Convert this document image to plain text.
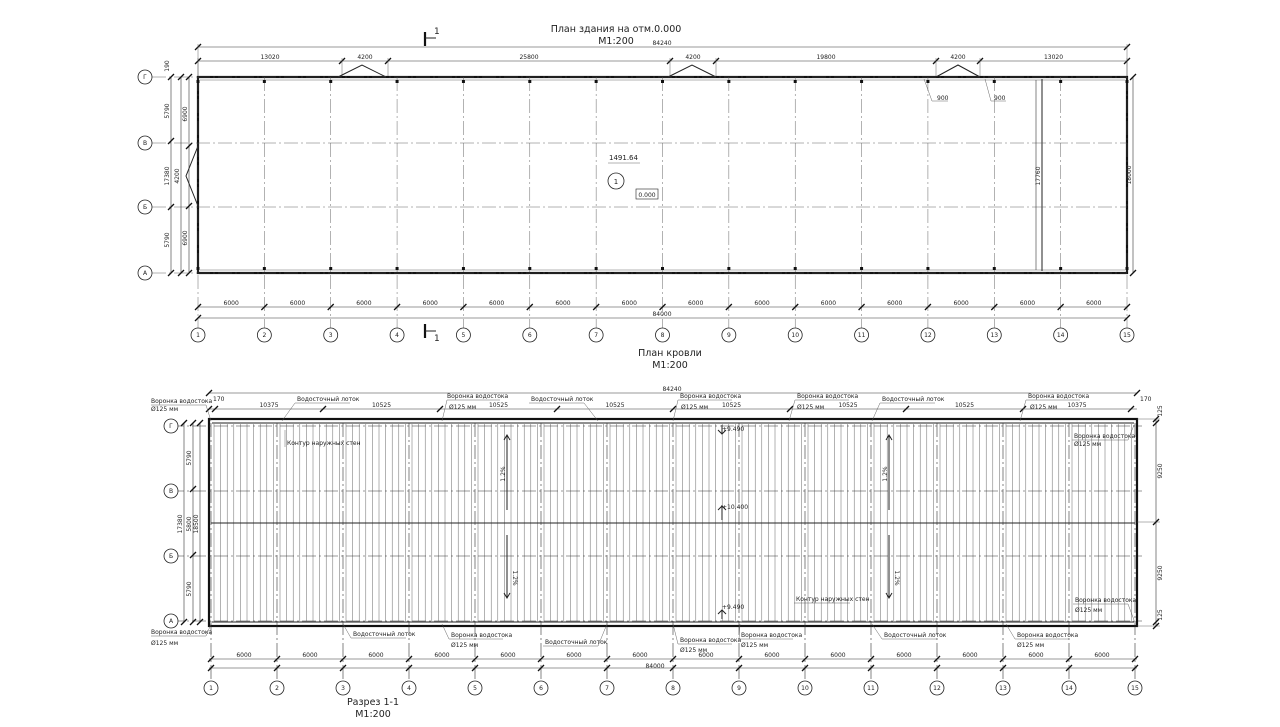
План здания на отм.0.000
М1:200
1
84240
13020	4200	25800	4200	19800	4200	13020
900	900
1491.64
1
0.000
17760	18000
5790
17380
5790
4200
6900
6900
190
Г
В
Б
А
6000	6000	6000	6000	6000	6000	6000	6000	6000	6000	6000	6000	6000	6000
84000
1	2	3	4	5	6	7	8	9	10	11	12	13	14	15
1
План кровли
М1:200
84240
170	170
10375	10525	10525	10525	10525	10525	10525	10375
+9.490
+10.400
+9.490
1.2%
1.2%
1.2%
1.2%
Воронка водостока
Ø125 мм
Водосточный лоток	Воронка водостока
Ø125 мм
Водосточный лоток	Воронка водостока
Ø125 мм
Воронка водостока
Ø125 мм
Водосточный лоток	Воронка водостока
Ø125 мм
Контур наружных стен
Воронка водостока
Ø125 мм
Воронка водостока
Ø125 мм
Водосточный лоток	Воронка водостока
Ø125 мм	Водосточный лоток	Воронка водостока
Ø125 мм
Воронка водостока
Ø125 мм
Контур наружных стен
Водосточный лоток	Воронка водостока
Ø125 мм
Воронка водостока
Ø125 мм
5790
5800
5790
17380 18500
9250
9250
125
125
Г
В
Б
А
6000	6000	6000	6000	6000	6000	6000	6000	6000	6000	6000	6000	6000	6000
84000
1	2	3	4	5	6	7	8	9	10	11	12	13	14	15
Разрез 1-1
М1:200
